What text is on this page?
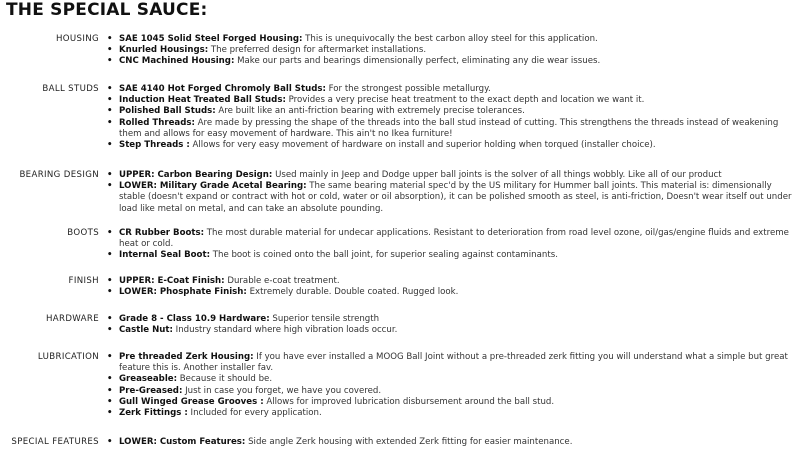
THE SPECIAL SAUCE:
HOUSING	• SAE 1045 Solid Steel Forged Housing: This is unequivocally the best carbon alloy steel for this application.
• Knurled Housings: The preferred design for aftermarket installations.
• CNC Machined Housing: Make our parts and bearings dimensionally perfect, eliminating any die wear issues.
BALL STUDS	• SAE 4140 Hot Forged Chromoly Ball Studs: For the strongest possible metallurgy.
• Induction Heat Treated Ball Studs: Provides a very precise heat treatment to the exact depth and location we want it.
• Polished Ball Studs: Are built like an anti-friction bearing with extremely precise tolerances.
• Rolled Threads: Are made by pressing the shape of the threads into the ball stud instead of cutting. This strengthens the threads instead of weakening them and allows for easy movement of hardware. This ain't no Ikea furniture!
• Step Threads : Allows for very easy movement of hardware on install and superior holding when torqued (installer choice).
BEARING DESIGN	• UPPER: Carbon Bearing Design: Used mainly in Jeep and Dodge upper ball joints is the solver of all things wobbly. Like all of our product
• LOWER: Military Grade Acetal Bearing: The same bearing material spec'd by the US military for Hummer ball joints. This material is: dimensionally stable (doesn't expand or contract with hot or cold, water or oil absorption), it can be polished smooth as steel, is anti-friction, Doesn't wear itself out under load like metal on metal, and can take an absolute pounding.
BOOTS	• CR Rubber Boots: The most durable material for undecar applications. Resistant to deterioration from road level ozone, oil/gas/engine fluids and extreme heat or cold.
• Internal Seal Boot: The boot is coined onto the ball joint, for superior sealing against contaminants.
FINISH	• UPPER: E-Coat Finish: Durable e-coat treatment.
• LOWER: Phosphate Finish: Extremely durable. Double coated. Rugged look.
HARDWARE	• Grade 8 - Class 10.9 Hardware: Superior tensile strength
• Castle Nut: Industry standard where high vibration loads occur.
LUBRICATION	• Pre threaded Zerk Housing: If you have ever installed a MOOG Ball Joint without a pre-threaded zerk fitting you will understand what a simple but great feature this is. Another installer fav.
• Greaseable: Because it should be.
• Pre-Greased: Just in case you forget, we have you covered.
• Gull Winged Grease Grooves : Allows for improved lubrication disbursement around the ball stud.
• Zerk Fittings : Included for every application.
SPECIAL FEATURES	• LOWER: Custom Features: Side angle Zerk housing with extended Zerk fitting for easier maintenance.
